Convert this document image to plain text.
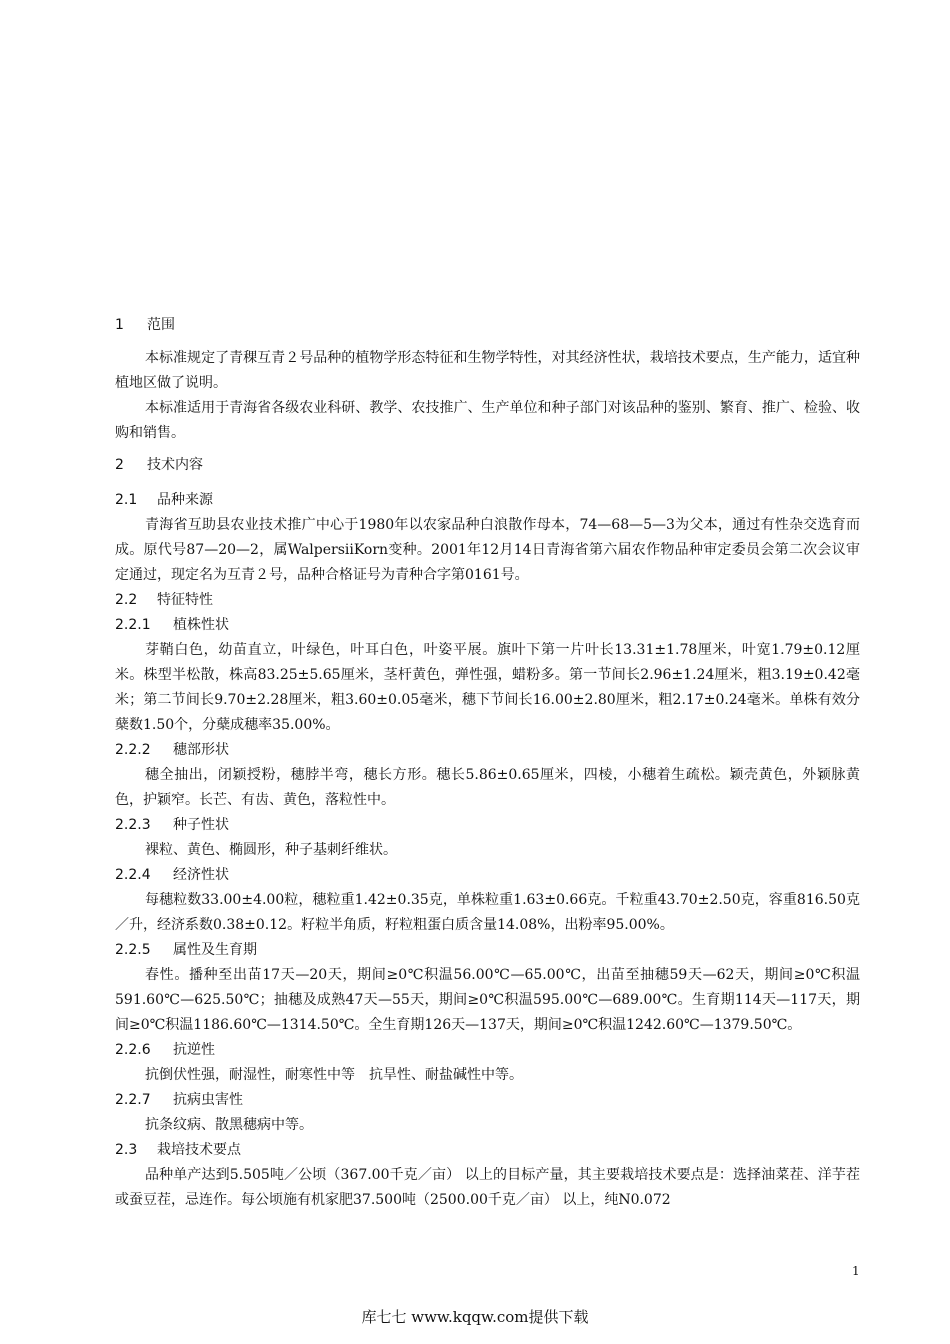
1 范围

本标准规定了青稞互青２号品种的植物学形态特征和生物学特性，对其经济性状，栽培技术要点，生产能力，适宜种植地区做了说明。

本标准适用于青海省各级农业科研、教学、农技推广、生产单位和种子部门对该品种的鉴别、繁育、推广、检验、收购和销售。

2 技术内容
2.1 品种来源

青海省互助县农业技术推广中心于1980年以农家品种白浪散作母本，74—68—5—3为父本，通过有性杂交选育而成。原代号87—20—2，属WalpersiiKorn变种。2001年12月14日青海省第六届农作物品种审定委员会第二次会议审定通过，现定名为互青２号，品种合格证号为青种合字第0161号。

2.2 特征特性
2.2.1 植株性状

芽鞘白色，幼苗直立，叶绿色，叶耳白色，叶姿平展。旗叶下第一片叶长13.31±1.78厘米，叶宽1.79±0.12厘米。株型半松散，株高83.25±5.65厘米，茎杆黄色，弹性强，蜡粉多。第一节间长2.96±1.24厘米，粗3.19±0.42毫米；第二节间长9.70±2.28厘米，粗3.60±0.05毫米，穗下节间长16.00±2.80厘米，粗2.17±0.24毫米。单株有效分蘖数1.50个，分蘖成穗率35.00%。

2.2.2 穗部形状

穗全抽出，闭颖授粉，穗脖半弯，穗长方形。穗长5.86±0.65厘米，四棱，小穗着生疏松。颖壳黄色，外颖脉黄色，护颖窄。长芒、有齿、黄色，落粒性中。

2.2.3 种子性状

裸粒、黄色、椭圆形，种子基刺纤维状。

2.2.4 经济性状

每穗粒数33.00±4.00粒，穗粒重1.42±0.35克，单株粒重1.63±0.66克。千粒重43.70±2.50克，容重816.50克／升，经济系数0.38±0.12。籽粒半角质，籽粒粗蛋白质含量14.08%，出粉率95.00%。

2.2.5 属性及生育期

春性。播种至出苗17天—20天，期间≥0℃积温56.00℃—65.00℃，出苗至抽穗59天—62天，期间≥0℃积温591.60℃—625.50℃；抽穗及成熟47天—55天，期间≥0℃积温595.00℃—689.00℃。生育期114天—117天，期间≥0℃积温1186.60℃—1314.50℃。全生育期126天—137天，期间≥0℃积温1242.60℃—1379.50℃。

2.2.6 抗逆性

抗倒伏性强，耐湿性，耐寒性中等　抗旱性、耐盐碱性中等。

2.2.7 抗病虫害性

抗条纹病、散黑穗病中等。

2.3 栽培技术要点

品种单产达到5.505吨／公顷（367.00千克／亩） 以上的目标产量，其主要栽培技术要点是：选择油菜茬、洋芋茬或蚕豆茬，忌连作。每公顷施有机家肥37.500吨（2500.00千克／亩） 以上，纯N0.072

1
库七七 www.kqqw.com提供下载
